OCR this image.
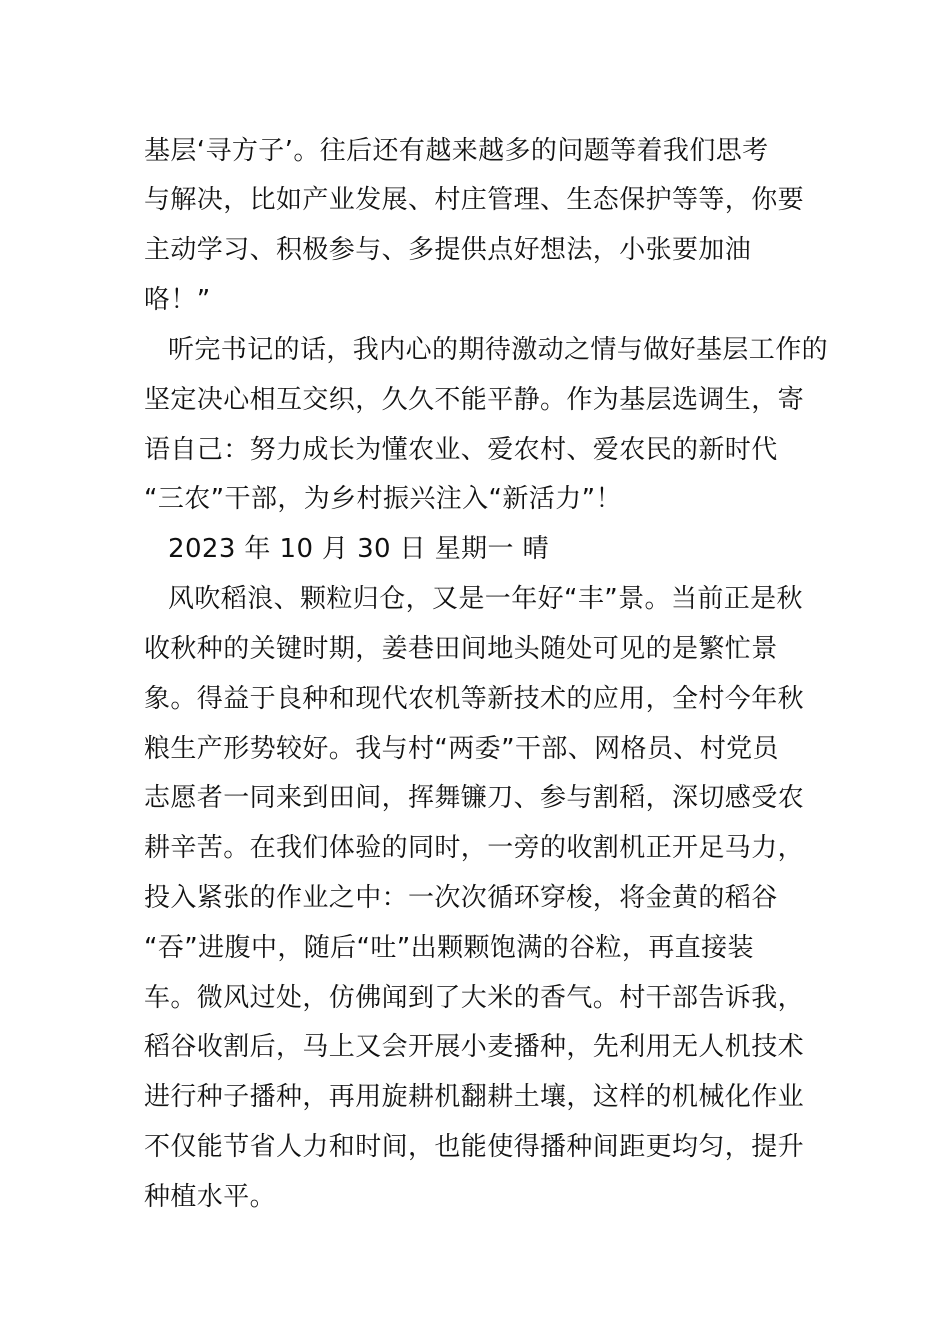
基层‘寻方子’。往后还有越来越多的问题等着我们思考
与解决，比如产业发展、村庄管理、生态保护等等，你要
主动学习、积极参与、多提供点好想法，小张要加油
咯！”
听完书记的话，我内心的期待激动之情与做好基层工作的
坚定决心相互交织，久久不能平静。作为基层选调生，寄
语自己：努力成长为懂农业、爱农村、爱农民的新时代
“三农”干部，为乡村振兴注入“新活力”！
2023 年 10 月 30 日 星期一 晴
风吹稻浪、颗粒归仓，又是一年好“丰”景。当前正是秋
收秋种的关键时期，姜巷田间地头随处可见的是繁忙景
象。得益于良种和现代农机等新技术的应用，全村今年秋
粮生产形势较好。我与村“两委”干部、网格员、村党员
志愿者一同来到田间，挥舞镰刀、参与割稻，深切感受农
耕辛苦。在我们体验的同时，一旁的收割机正开足马力，
投入紧张的作业之中：一次次循环穿梭，将金黄的稻谷
“吞”进腹中，随后“吐”出颗颗饱满的谷粒，再直接装
车。微风过处，仿佛闻到了大米的香气。村干部告诉我，
稻谷收割后，马上又会开展小麦播种，先利用无人机技术
进行种子播种，再用旋耕机翻耕土壤，这样的机械化作业
不仅能节省人力和时间，也能使得播种间距更均匀，提升
种植水平。
